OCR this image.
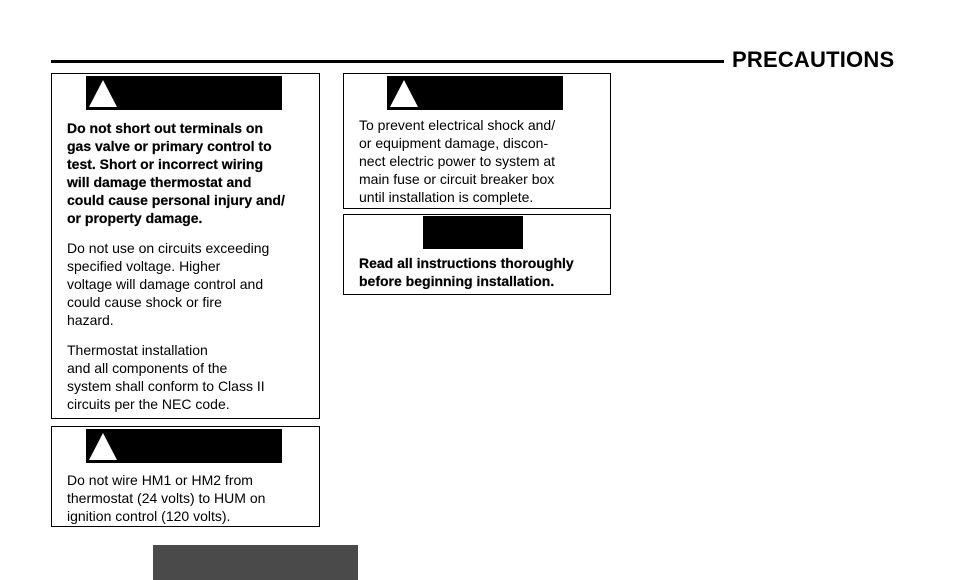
PRECAUTIONS

Do not short out terminals on
gas valve or primary control to
test. Short or incorrect wiring
will damage thermostat and
could cause personal injury and/
or property damage.

Do not use on circuits exceeding
specified voltage. Higher
voltage will damage control and
could cause shock or fire
hazard.

Thermostat installation
and all components of the
system shall conform to Class II
circuits per the NEC code.

Do not wire HM1 or HM2 from
thermostat (24 volts) to HUM on
ignition control (120 volts).
To prevent electrical shock and/
or equipment damage, discon-
nect electric power to system at
main fuse or circuit breaker box
until installation is complete.
Read all instructions thoroughly
before beginning installation.
